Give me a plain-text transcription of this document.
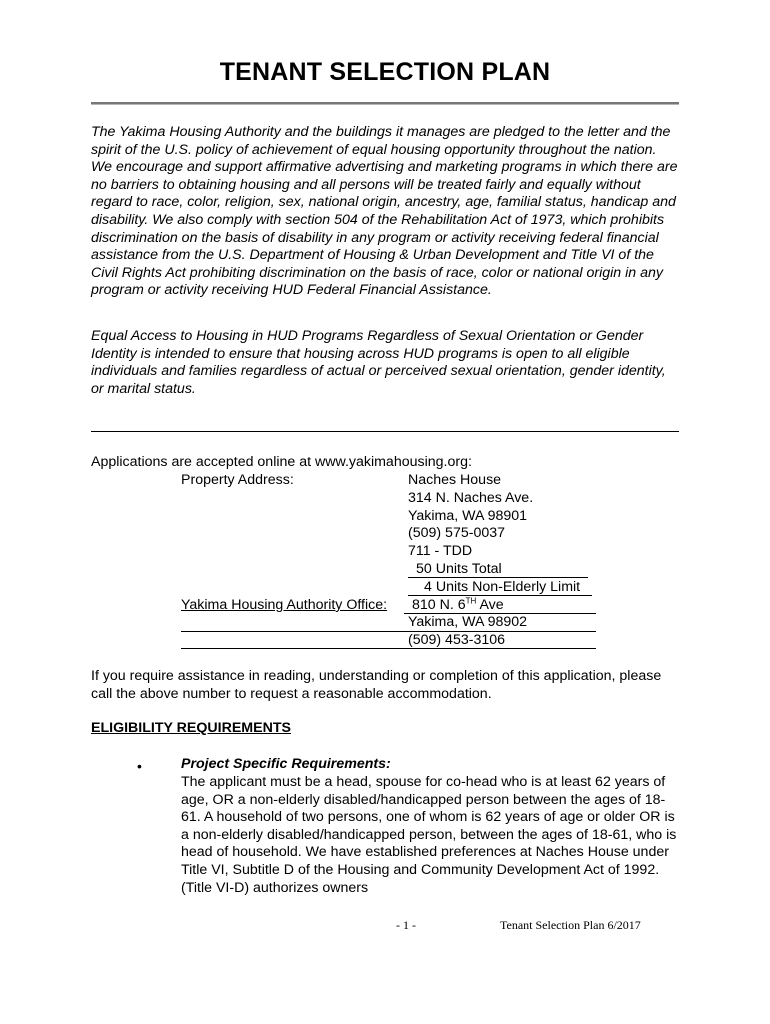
TENANT SELECTION PLAN

The Yakima Housing Authority and the buildings it manages are pledged to the letter and the spirit of the U.S. policy of achievement of equal housing opportunity throughout the nation. We encourage and support affirmative advertising and marketing programs in which there are no barriers to obtaining housing and all persons will be treated fairly and equally without regard to race, color, religion, sex, national origin, ancestry, age, familial status, handicap and disability. We also comply with section 504 of the Rehabilitation Act of 1973, which prohibits discrimination on the basis of disability in any program or activity receiving federal financial assistance from the U.S. Department of Housing & Urban Development and Title VI of the Civil Rights Act prohibiting discrimination on the basis of race, color or national origin in any program or activity receiving HUD Federal Financial Assistance.

Equal Access to Housing in HUD Programs Regardless of Sexual Orientation or Gender Identity is intended to ensure that housing across HUD programs is open to all eligible individuals and families regardless of actual or perceived sexual orientation, gender identity, or marital status.

Applications are accepted online at www.yakimahousing.org:
Property Address:	Naches House
314 N. Naches Ave.
Yakima, WA 98901
(509) 575-0037
711 - TDD
50 Units Total
4 Units Non-Elderly Limit
Yakima Housing Authority Office: 810 N. 6TH Ave
Yakima, WA 98902
(509) 453-3106

If you require assistance in reading, understanding or completion of this application, please call the above number to request a reasonable accommodation.

ELIGIBILITY REQUIREMENTS
•	Project Specific Requirements:

The applicant must be a head, spouse for co-head who is at least 62 years of age, OR a non-elderly disabled/handicapped person between the ages of 18-61. A household of two persons, one of whom is 62 years of age or older OR is a non-elderly disabled/handicapped person, between the ages of 18-61, who is head of household. We have established preferences at Naches House under Title VI, Subtitle D of the Housing and Community Development Act of 1992. (Title VI-D) authorizes owners

- 1 -	Tenant Selection Plan 6/2017
